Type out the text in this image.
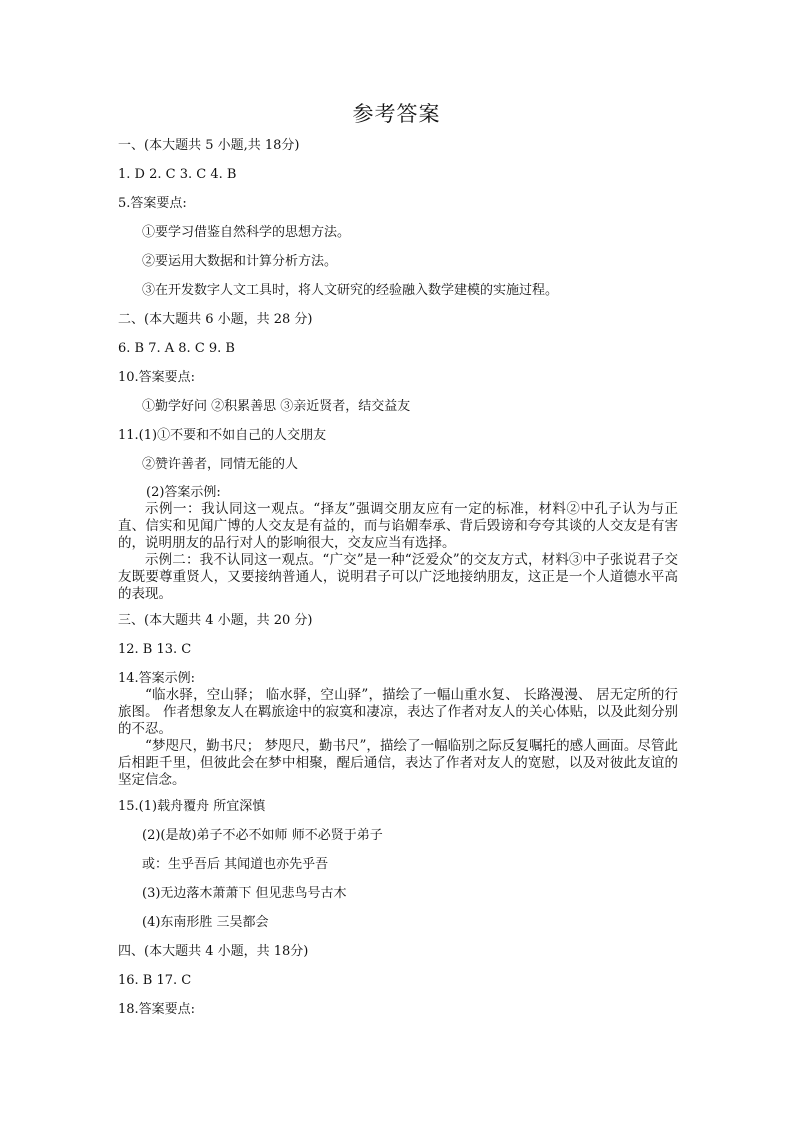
参考答案
一、(本大题共 5 小题,共 18分)
1. D 2. C 3. C 4. B
5.答案要点:
①要学习借鉴自然科学的思想方法。
②要运用大数据和计算分析方法。
③在开发数字人文工具时，将人文研究的经验融入数学建模的实施过程。
二、(本大题共 6 小题，共 28 分)
6. B 7. A 8. C 9. B
10.答案要点:
①勤学好问 ②积累善思 ③亲近贤者，结交益友
11.(1)①不要和不如自己的人交朋友
②赞许善者，同情无能的人
(2)答案示例:

示例一：我认同这一观点。“择友”强调交朋友应有一定的标准，材料②中孔子认为与正直、信实和见闻广博的人交友是有益的，而与谄媚奉承、背后毁谤和夸夸其谈的人交友是有害的，说明朋友的品行对人的影响很大，交友应当有选择。

示例二：我不认同这一观点。“广交”是一种“泛爱众”的交友方式，材料③中子张说君子交友既要尊重贤人，又要接纳普通人，说明君子可以广泛地接纳朋友，这正是一个人道德水平高的表现。

三、(本大题共 4 小题，共 20 分)
12. B 13. C
14.答案示例:

“临水驿，空山驿； 临水驿，空山驿”，描绘了一幅山重水复、 长路漫漫、 居无定所的行旅图。 作者想象友人在羁旅途中的寂寞和凄凉，表达了作者对友人的关心体贴，以及此刻分别的不忍。

“梦咫尺，勤书尺； 梦咫尺，勤书尺”，描绘了一幅临别之际反复嘱托的感人画面。尽管此后相距千里，但彼此会在梦中相聚，醒后通信，表达了作者对友人的宽慰，以及对彼此友谊的坚定信念。

15.(1)载舟覆舟 所宜深慎
(2)(是故)弟子不必不如师 师不必贤于弟子
或：生乎吾后 其闻道也亦先乎吾
(3)无边落木萧萧下 但见悲鸟号古木
(4)东南形胜 三吴都会
四、(本大题共 4 小题，共 18分)
16. B 17. C
18.答案要点:
